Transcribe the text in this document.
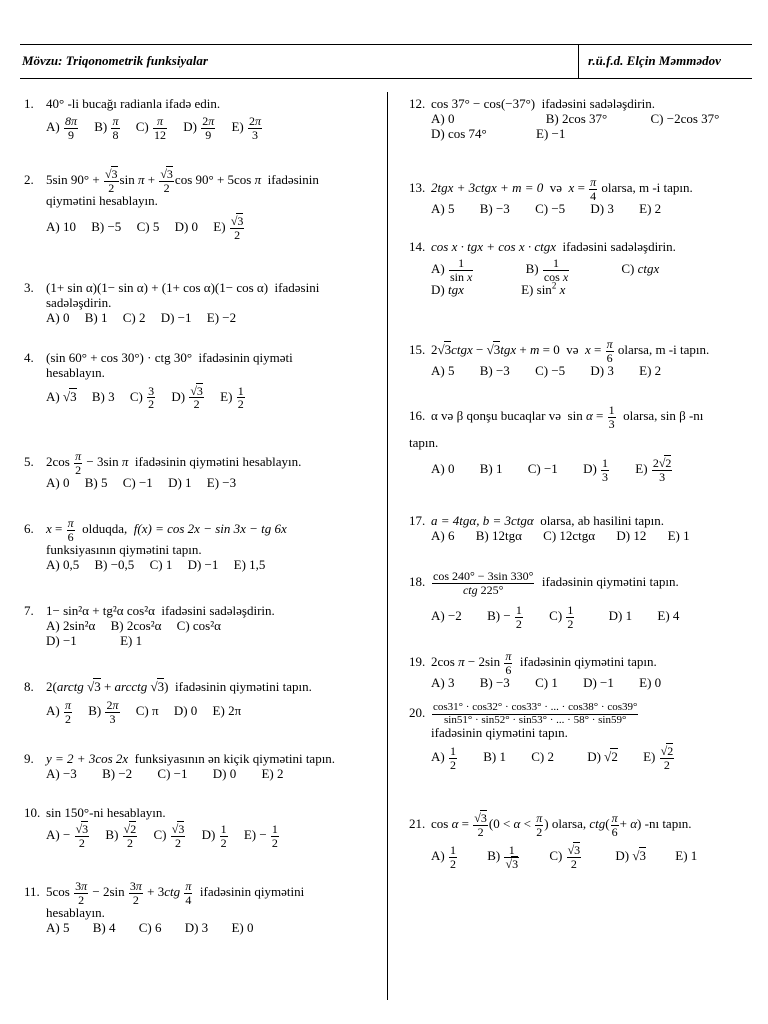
Mövzu: Triqonometrik funksiyalar	r.ü.f.d. Elçin Məmmədov
1. 40° -li bucağı radianla ifadə edin.
$A) \frac{8\pi}{9} B) \frac{\pi}{8} C) \frac{\pi}{12} D) \frac{2\pi}{9} E) \frac{2\pi}{3}$
2. 5sin $90^\circ + \frac{√3}{2}$ $\sin \pi + \frac{√3}{2}$ cos 90° + 5cos π ifadəsinin
qiymətini hesablayın.
A) 10 B) −5 C) 5 D) 0 $E) \frac{√3}{2}$
3. (1+ sin α)(1− sin α) + (1+ cos α)(1− cos α) ifadəsini
sadələşdirin.
A) 0 B) 1 C) 2 D) −1 E) −2
4. (sin 60° + cos 30°) · ctg 30° ifadəsinin qiyməti
hesablayın.
A) √3 B) 3 $C) \frac{3}{2} D) \frac{√3}{2} E) \frac{1}{2}$
5. $2\cos \frac{\pi}{2} - 3\sin$ π ifadəsinin qiymətini hesablayın.
A) 0 B) 5 C) −1 D) 1 E) −3
6. $x = \frac{\pi}{6}$ olduqda, f(x) = cos 2x − sin 3x − tg 6x
funksiyasının qiymətini tapın.
A) 0,5 B) −0,5 C) 1 D) −1 E) 1,5
7. 1− sin²α + tg²α cos²α ifadəsini sadələşdirin.
A) 2sin²α B) 2cos²α C) cos²α
D) −1	E) 1
8. 2(arctg √3 + arcctg √3) ifadəsinin qiymətini tapın.
$A) \frac{\pi}{2} B) \frac{2\pi}{3} C$) π D) 0 E) 2π
9. y = 2 + 3cos 2x funksiyasının ən kiçik qiymətini tapın.
A) −3 B) −2 C) −1 D) 0 E) 2
10. sin 150°-ni hesablayın.
$A) - \frac{√3}{2} B) \frac{√2}{2} C) \frac{√3}{2} D) \frac{1}{2} E) - \frac{1}{2}$
11. $5\cos \frac{3\pi}{2} - 2\sin \frac{3\pi}{2} + 3ctg \frac{\pi}{4}$ ifadəsinin qiymətini
hesablayın.
A) 5 B) 4 C) 6 D) 3 E) 0
12. cos 37° − cos(−37°) ifadəsini sadələşdirin.
A) 0	B) 2cos 37°	C) −2cos 37°
D) cos 74°	E) −1
13. 2tgx + 3ctgx + m = 0 və $x = \frac{\pi}{4}$ olarsa, m -i tapın.
A) 5 B) −3 C) −5 D) 3 E) 2
14. cos x · tgx + cos x · ctgx ifadəsini sadələşdirin.
$A) \frac{1}{\text{sin x}}$	$B) \frac{1}{\text{cos x}}$	C) ctgx
D) tgx	E) $\sin^2 x$
15. 2√3ctgx − √3tgx + m = 0 və $x = \frac{\pi}{6}$ olarsa, m -i tapın.
A) 5 B) −3 C) −5 D) 3 E) 2
16. α və β qonşu bucaqlar və $\sin \alpha = \frac{1}{3}$ olarsa, sin β -nı
tapın.
A) 0 B) 1 C) −1 $D) \frac{1}{3} E) \frac{2√2}{3}$
17. a = 4tgα, b = 3ctgα olarsa, ab hasilini tapın.
A) 6 B) 12tgα C) 12ctgα D) 12 E) 1
18. cos 240° − 3sin 330°
ctg 225°
ifadəsinin qiymətini tapın.
A) −2 $B) - \frac{1}{2} C) \frac{1}{2}$	D) 1 E) 4
19. 2cos $\pi - 2\sin \frac{\pi}{6}$ ifadəsinin qiymətini tapın.
A) 3 B) −3 C) 1 D) −1 E) 0
20. $\frac{\cos 31^\circ \cdot \cos 32^\circ \cdot \cos 33^\circ \cdot ... \cdot \cos 38^\circ \cdot \cos 39^\circ}{\sin 51^\circ \cdot \sin 52^\circ \cdot \sin 53^\circ \cdot ... \cdot 58^\circ \cdot \sin 59^\circ}$
ifadəsinin qiymətini tapın.
$A) \frac{1}{2} B$) 1 C) 2	D) √2 $E) \frac{√2}{2}$
21. $\cos \alpha = \frac{√3}{2} (0 < \alpha < \frac{\pi}{2}$ ) olarsa, $ctg( \frac{\pi}{6} + \alpha)$ -nı tapın.
$A) \frac{1}{2} B) \frac{1}{√3} C) \frac{√3}{2}$	D) √3 E) 1
